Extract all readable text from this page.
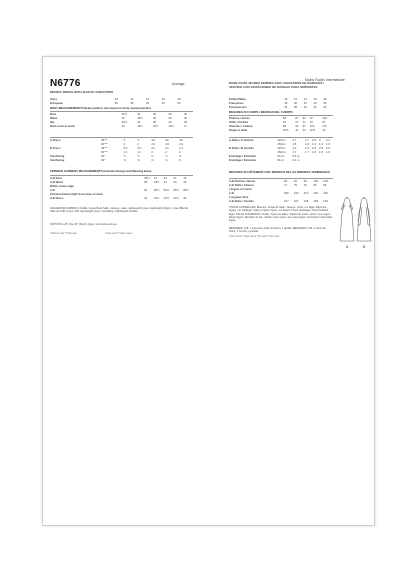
N6776	Average
MISSES' DRESS WITH SLEEVE VARIATIONS
Moins Facile/ Intermediate
ROBE POUR JEUNES FEMMES AVEC VARIATIONS DE MANCHES / VESTIDO CON VARIACIONES DE MANGAS PARA SEÑORITAS
Sizes	10	12	14	16	18
European	36	38	40	42	44
BODY MEASUREMENTS (Select pattern size based on body measurements)
Bust	32½	34	36	38	40
Waist	25	26½	28	30	32
Hip	34½	36	38	40	42
Back neck to waist	16	16¼	16½	16¾	17
A Dress	45"**	3	3	3⅛	3¼	3⅜
	60"**	2	2	2⅛	2⅛	2⅛
B Dress	45"**	2⅝	2⅝	2¾	2¾	2⅞
	60"**	1⅞	1⅞	2	2	2
Interfacing	20"	½	½	½	½	½
Interfacing	20"	⅜	⅜	⅜	⅜	⅜
FINISHED GARMENT MEASUREMENTS (Includes Design and Wearing Ease)
A,B Bust	35½	37	39	41	43
A,B Waist	28	29½	31	33	35
Width, lower edge					
A,B	81	82½	84½	86½	88½
Finished back length from base of neck					
A,B Dress	42	42¼	42½	42¾	43
SUGGESTED FABRICS: Challis, Crepe Back Satin, Jerseys, Lawn, Lightweight Linen, Lightweight Rayon, Linen Blends, Silks and Silk Types, Soft Lightweight Linen. Interfacing: Lightweight Fusible.
NOTIONS: A,B: One 20" (51cm) zipper, one hook and eye.
*without nap **with nap	*sans sens **avec sens
Tailles/Tallas	10	12	14	16	18
Françaises	38	40	42	44	46
Européennes	36	38	40	42	44
MESURES DU CORPS / MEDIDAS DEL CUERPO
Poitrine / Busto	83	87	92	97	102
Taille / Cintura	64	67	71	76	81
Hanches / Cadera	88	92	97	102	107
Nuque à taille	40.5	41	42	42.5	43
A Robe / A Vestido	115cm	2.7	2.7	2.9	3	3.1
	150cm	1.8	1.8	1.9	1.9	1.9
B Robe / B Vestido	115cm	2.4	2.4	2.5	2.5	2.6
	150cm	1.7	1.7	1.8	1.8	1.8
Entoilage / Entretela	51cm	0.5 m				
Entoilage / Entretela	51cm	0.4 m				
MESURES DU VÊTEMENT FINI / MEDIDAS DE LAS PRENDAS TERMINADAS
A,B Poitrine / Busto	90	94	99	104	109
A,B Taille / Cintura	71	75	79	84	89
Largeur à l'ourlet					
A,B	206	210	215	220	225
Longueur finie					
A,B Robe / Vestido	107	107	108	109	109
TISSUS CONSEILLÉS: Étamine, Crêpe de Satin, Jerseys, Linon, Lin léger, Rayonne légère, Lin mélangé, Soies et Soies Types, Lin léger et doux. Entoilage: Thermocollant léger. TELAS SUGERIDAS: Chalís, Crepé de Raso, Tejidos de punto, Linón, Lino Ligero, Rayón ligero, Mezclas de lino, Sedas y tipo seda, Lino suave ligero. Entretela: Fusionable ligera.
MERCERIE: A,B: 1 fermeture éclair de 51cm, 1 agrafe. MERCERÍA: A,B: 1 cierre de 51cm, 1 broche y presilla.
*sans sens **avec sens *sin pelo **con pelo
A	B
